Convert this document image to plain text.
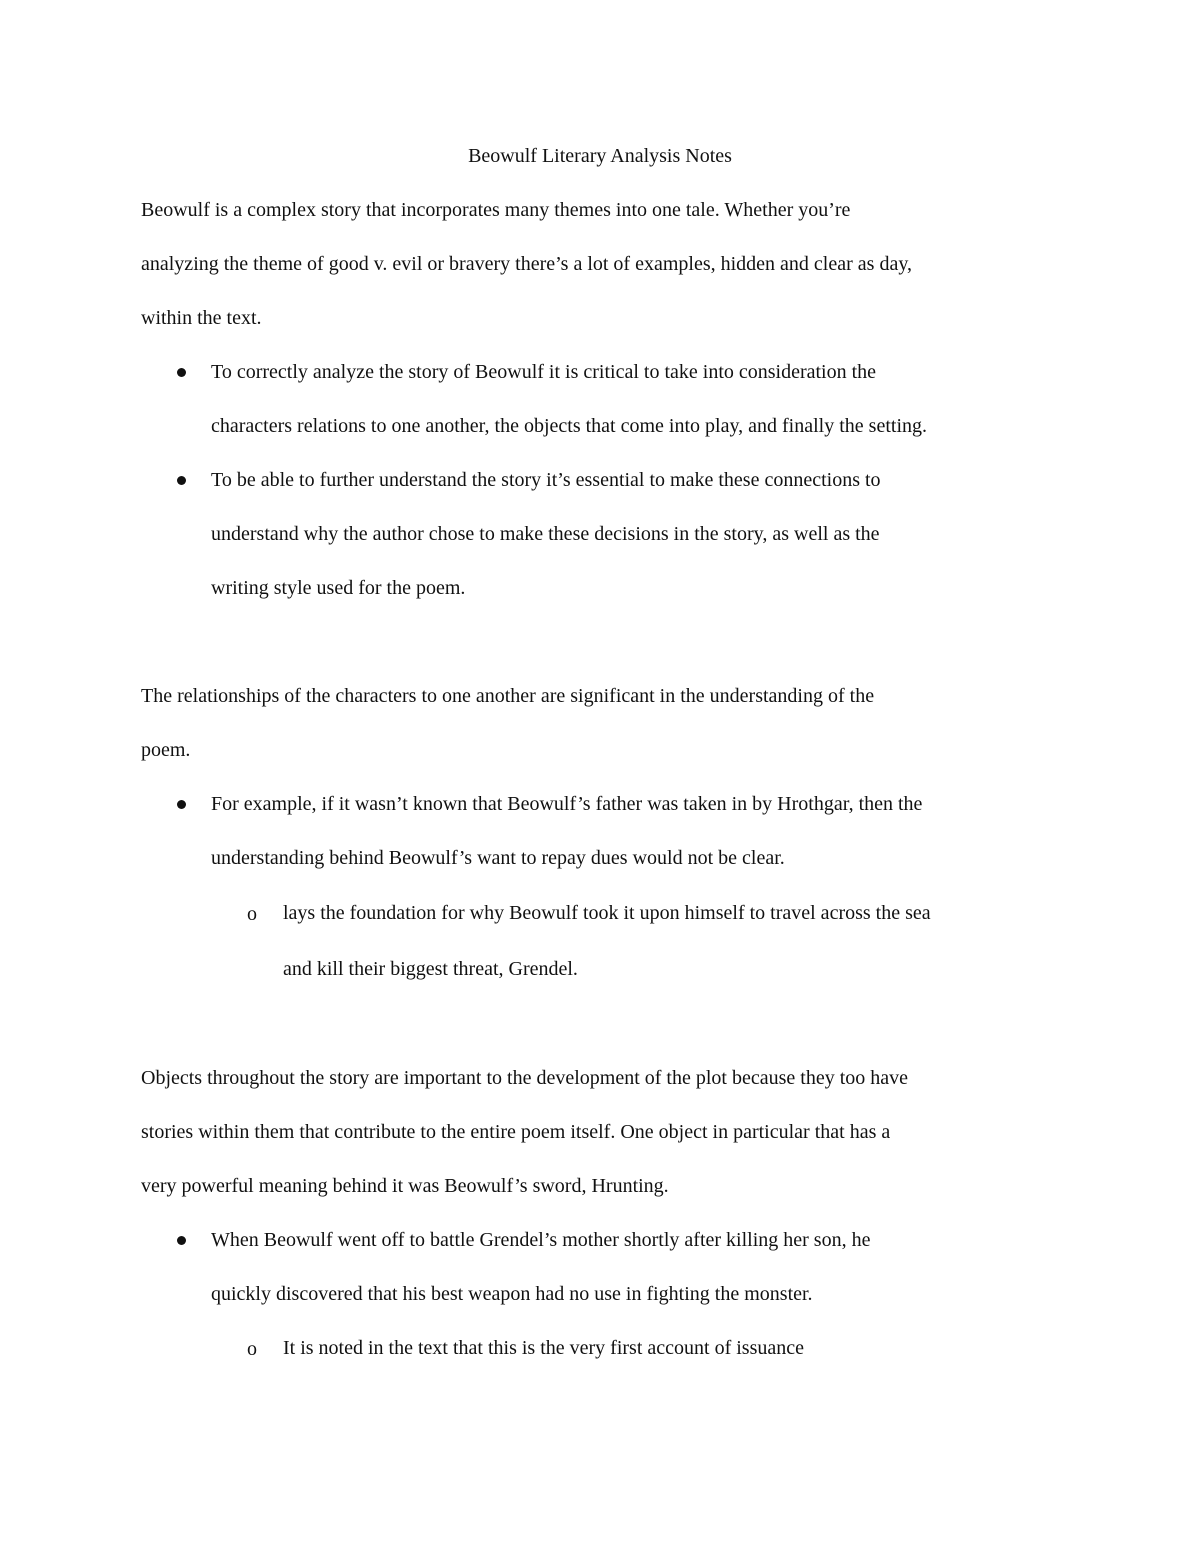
Beowulf Literary Analysis Notes
Beowulf is a complex story that incorporates many themes into one tale. Whether you’re
analyzing the theme of good v. evil or bravery there’s a lot of examples, hidden and clear as day,
within the text.
To correctly analyze the story of Beowulf it is critical to take into consideration the
characters relations to one another, the objects that come into play, and finally the setting.
To be able to further understand the story it’s essential to make these connections to
understand why the author chose to make these decisions in the story, as well as the
writing style used for the poem.
The relationships of the characters to one another are significant in the understanding of the
poem.
For example, if it wasn’t known that Beowulf’s father was taken in by Hrothgar, then the
understanding behind Beowulf’s want to repay dues would not be clear.
o lays the foundation for why Beowulf took it upon himself to travel across the sea
and kill their biggest threat, Grendel.
Objects throughout the story are important to the development of the plot because they too have
stories within them that contribute to the entire poem itself. One object in particular that has a
very powerful meaning behind it was Beowulf’s sword, Hrunting.
When Beowulf went off to battle Grendel’s mother shortly after killing her son, he
quickly discovered that his best weapon had no use in fighting the monster.
o It is noted in the text that this is the very first account of issuance
